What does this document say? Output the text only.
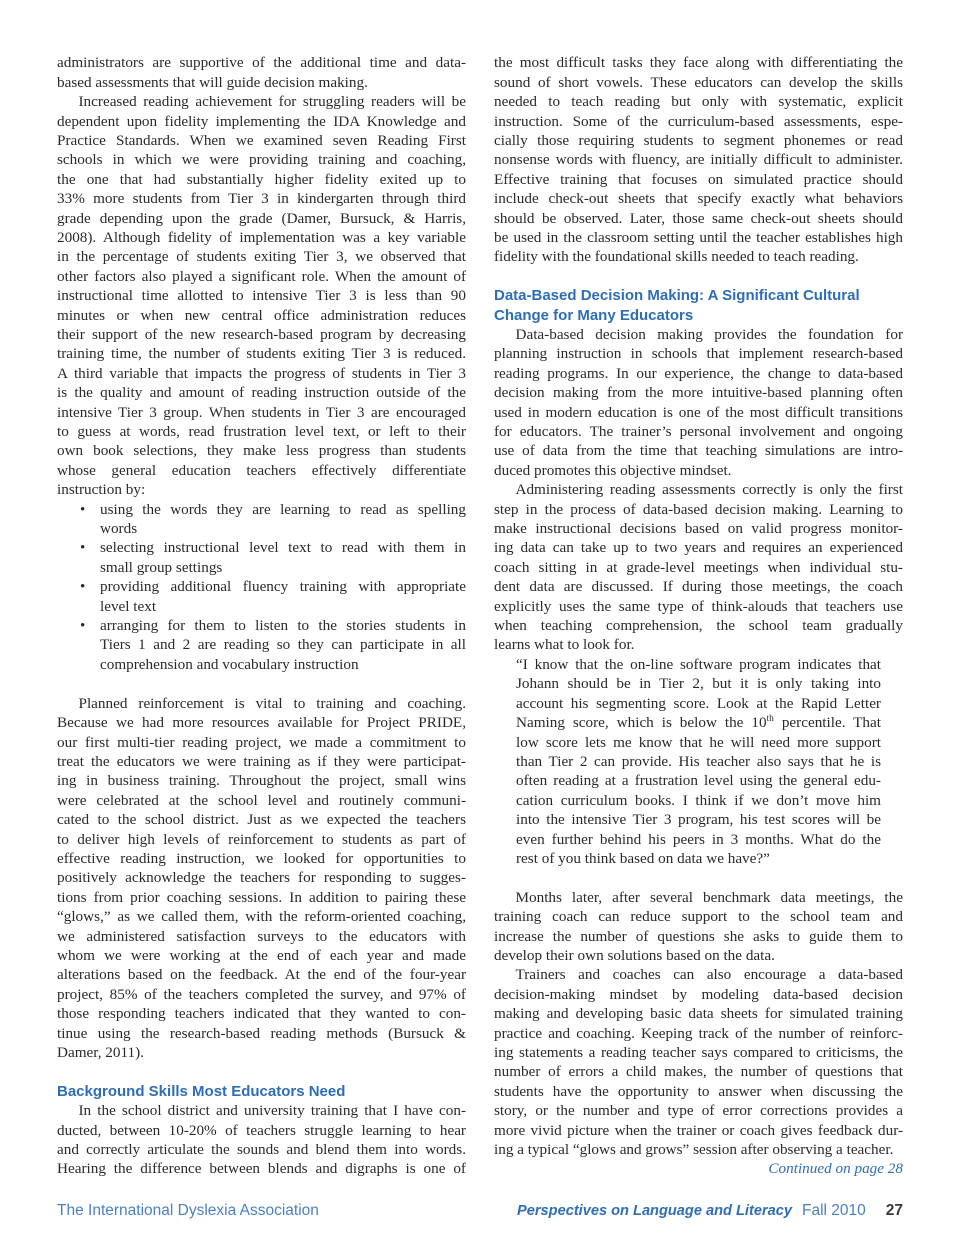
administrators are supportive of the additional time and data-
based assessments that will guide decision making.
Increased reading achievement for struggling readers will be
dependent upon fidelity implementing the IDA Knowledge and
Practice Standards. When we examined seven Reading First
schools in which we were providing training and coaching,
the one that had substantially higher fidelity exited up to
33% more students from Tier 3 in kindergarten through third
grade depending upon the grade (Damer, Bursuck, & Harris,
2008). Although fidelity of implementation was a key variable
in the percentage of students exiting Tier 3, we observed that
other factors also played a significant role. When the amount of
instructional time allotted to intensive Tier 3 is less than 90
minutes or when new central office administration reduces
their support of the new research-based program by decreasing
training time, the number of students exiting Tier 3 is reduced.
A third variable that impacts the progress of students in Tier 3
is the quality and amount of reading instruction outside of the
intensive Tier 3 group. When students in Tier 3 are encouraged
to guess at words, read frustration level text, or left to their
own book selections, they make less progress than students
whose general education teachers effectively differentiate
instruction by:
•
using the words they are learning to read as spelling
words
•
selecting instructional level text to read with them in
small group settings
•
providing additional fluency training with appropriate
level text
•
arranging for them to listen to the stories students in
Tiers 1 and 2 are reading so they can participate in all
comprehension and vocabulary instruction
Planned reinforcement is vital to training and coaching.
Because we had more resources available for Project PRIDE,
our first multi-tier reading project, we made a commitment to
treat the educators we were training as if they were participat-
ing in business training. Throughout the project, small wins
were celebrated at the school level and routinely communi-
cated to the school district. Just as we expected the teachers
to deliver high levels of reinforcement to students as part of
effective reading instruction, we looked for opportunities to
positively acknowledge the teachers for responding to sugges-
tions from prior coaching sessions. In addition to pairing these
“glows,” as we called them, with the reform-oriented coaching,
we administered satisfaction surveys to the educators with
whom we were working at the end of each year and made
alterations based on the feedback. At the end of the four-year
project, 85% of the teachers completed the survey, and 97% of
those responding teachers indicated that they wanted to con-
tinue using the research-based reading methods (Bursuck &
Damer, 2011).
Background Skills Most Educators Need
In the school district and university training that I have con-
ducted, between 10-20% of teachers struggle learning to hear
and correctly articulate the sounds and blend them into words.
Hearing the difference between blends and digraphs is one of
the most difficult tasks they face along with differentiating the
sound of short vowels. These educators can develop the skills
needed to teach reading but only with systematic, explicit
instruction. Some of the curriculum-based assessments, espe-
cially those requiring students to segment phonemes or read
nonsense words with fluency, are initially difficult to administer.
Effective training that focuses on simulated practice should
include check-out sheets that specify exactly what behaviors
should be observed. Later, those same check-out sheets should
be used in the classroom setting until the teacher establishes high
fidelity with the foundational skills needed to teach reading.
Data-Based Decision Making: A Significant Cultural
Change for Many Educators
Data-based decision making provides the foundation for
planning instruction in schools that implement research-based
reading programs. In our experience, the change to data-based
decision making from the more intuitive-based planning often
used in modern education is one of the most difficult transitions
for educators. The trainer’s personal involvement and ongoing
use of data from the time that teaching simulations are intro-
duced promotes this objective mindset.
Administering reading assessments correctly is only the first
step in the process of data-based decision making. Learning to
make instructional decisions based on valid progress monitor-
ing data can take up to two years and requires an experienced
coach sitting in at grade-level meetings when individual stu-
dent data are discussed. If during those meetings, the coach
explicitly uses the same type of think-alouds that teachers use
when teaching comprehension, the school team gradually
learns what to look for.
“I know that the on-line software program indicates that
Johann should be in Tier 2, but it is only taking into
account his segmenting score. Look at the Rapid Letter
Naming score, which is below the 10th percentile. That
low score lets me know that he will need more support
than Tier 2 can provide. His teacher also says that he is
often reading at a frustration level using the general edu-
cation curriculum books. I think if we don’t move him
into the intensive Tier 3 program, his test scores will be
even further behind his peers in 3 months. What do the
rest of you think based on data we have?”
Months later, after several benchmark data meetings, the
training coach can reduce support to the school team and
increase the number of questions she asks to guide them to
develop their own solutions based on the data.
Trainers and coaches can also encourage a data-based
decision-making mindset by modeling data-based decision
making and developing basic data sheets for simulated training
practice and coaching. Keeping track of the number of reinforc-
ing statements a reading teacher says compared to criticisms, the
number of errors a child makes, the number of questions that
students have the opportunity to answer when discussing the
story, or the number and type of error corrections provides a
more vivid picture when the trainer or coach gives feedback dur-
ing a typical “glows and grows” session after observing a teacher.
Continued on page 28
The International Dyslexia Association	Perspectives on Language and Literacy Fall 2010 27
